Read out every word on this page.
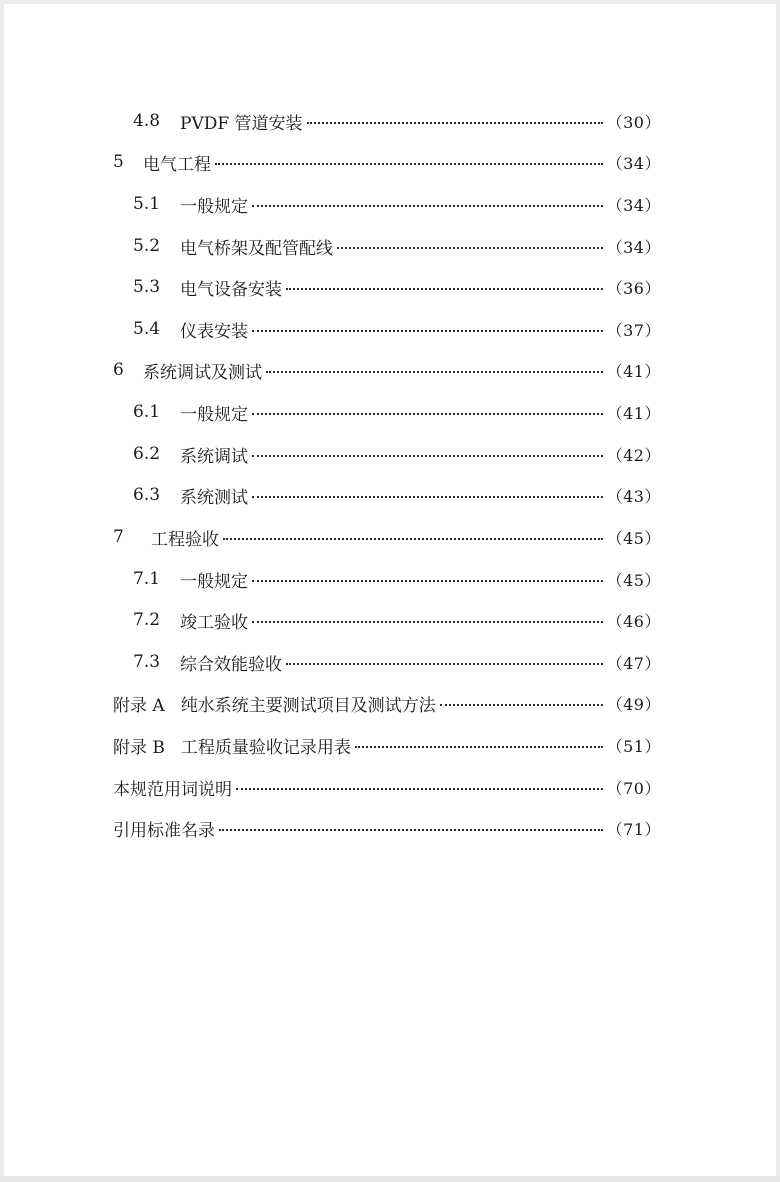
4.8	PVDF 管道安装	（30）
5	电气工程	（34）
5.1	一般规定	（34）
5.2	电气桥架及配管配线	（34）
5.3	电气设备安装	（36）
5.4	仪表安装	（37）
6	系统调试及测试	（41）
6.1	一般规定	（41）
6.2	系统调试	（42）
6.3	系统测试	（43）
7	工程验收	（45）
7.1	一般规定	（45）
7.2	竣工验收	（46）
7.3	综合效能验收	（47）
附录 A 纯水系统主要测试项目及测试方法	（49）
附录 B 工程质量验收记录用表	（51）
本规范用词说明	（70）
引用标准名录	（71）
